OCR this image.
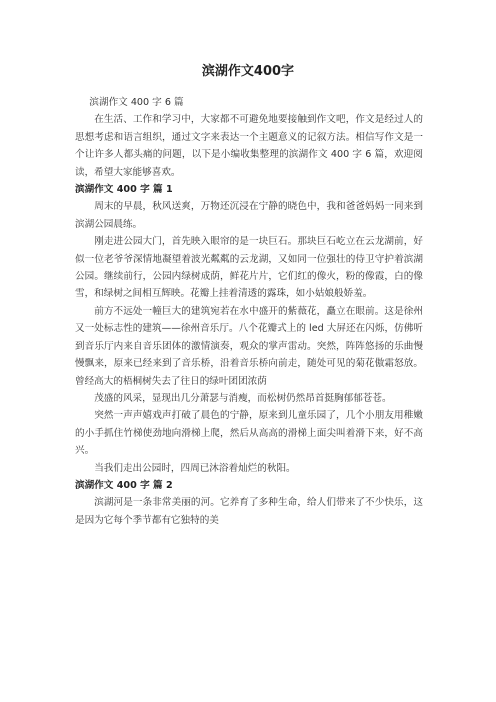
滨湖作文400字

滨湖作文 400 字 6 篇

在生活、工作和学习中，大家都不可避免地要接触到作文吧，作文是经过人的思想考虑和语言组织，通过文字来表达一个主题意义的记叙方法。相信写作文是一个让许多人都头痛的问题，以下是小编收集整理的滨湖作文 400 字 6 篇，欢迎阅读，希望大家能够喜欢。

滨湖作文 400 字 篇 1

周末的早晨，秋风送爽，万物还沉浸在宁静的晓色中，我和爸爸妈妈一同来到滨湖公园晨练。

刚走进公园大门，首先映入眼帘的是一块巨石。那块巨石屹立在云龙湖前，好似一位老爷爷深情地凝望着波光粼粼的云龙湖，又如同一位强壮的侍卫守护着滨湖公园。继续前行，公园内绿树成荫，鲜花片片，它们红的像火，粉的像霞，白的像雪，和绿树之间相互辉映。花瓣上挂着清透的露珠，如小姑娘般娇羞。

前方不远处一幢巨大的建筑宛若在水中盛开的紫薇花，矗立在眼前。这是徐州又一处标志性的建筑——徐州音乐厅。八个花瓣式上的 led 大屏还在闪烁，仿佛听到音乐厅内来自音乐团体的激情演奏，观众的掌声雷动。突然，阵阵悠扬的乐曲慢慢飘来，原来已经来到了音乐桥，沿着音乐桥向前走，随处可见的菊花傲霜怒放。曾经高大的梧桐树失去了往日的绿叶团团浓荫

茂盛的风采，显现出几分萧瑟与消瘦，而松树仍然昂首挺胸郁郁苍苍。

突然一声声嬉戏声打破了晨色的宁静，原来到儿童乐园了，几个小朋友用稚嫩的小手抓住竹梯使劲地向滑梯上爬，然后从高高的滑梯上面尖叫着滑下来，好不高兴。

当我们走出公园时，四周已沐浴着灿烂的秋阳。

滨湖作文 400 字 篇 2

滨湖河是一条非常美丽的河。它养育了多种生命，给人们带来了不少快乐，这是因为它每个季节都有它独特的美
